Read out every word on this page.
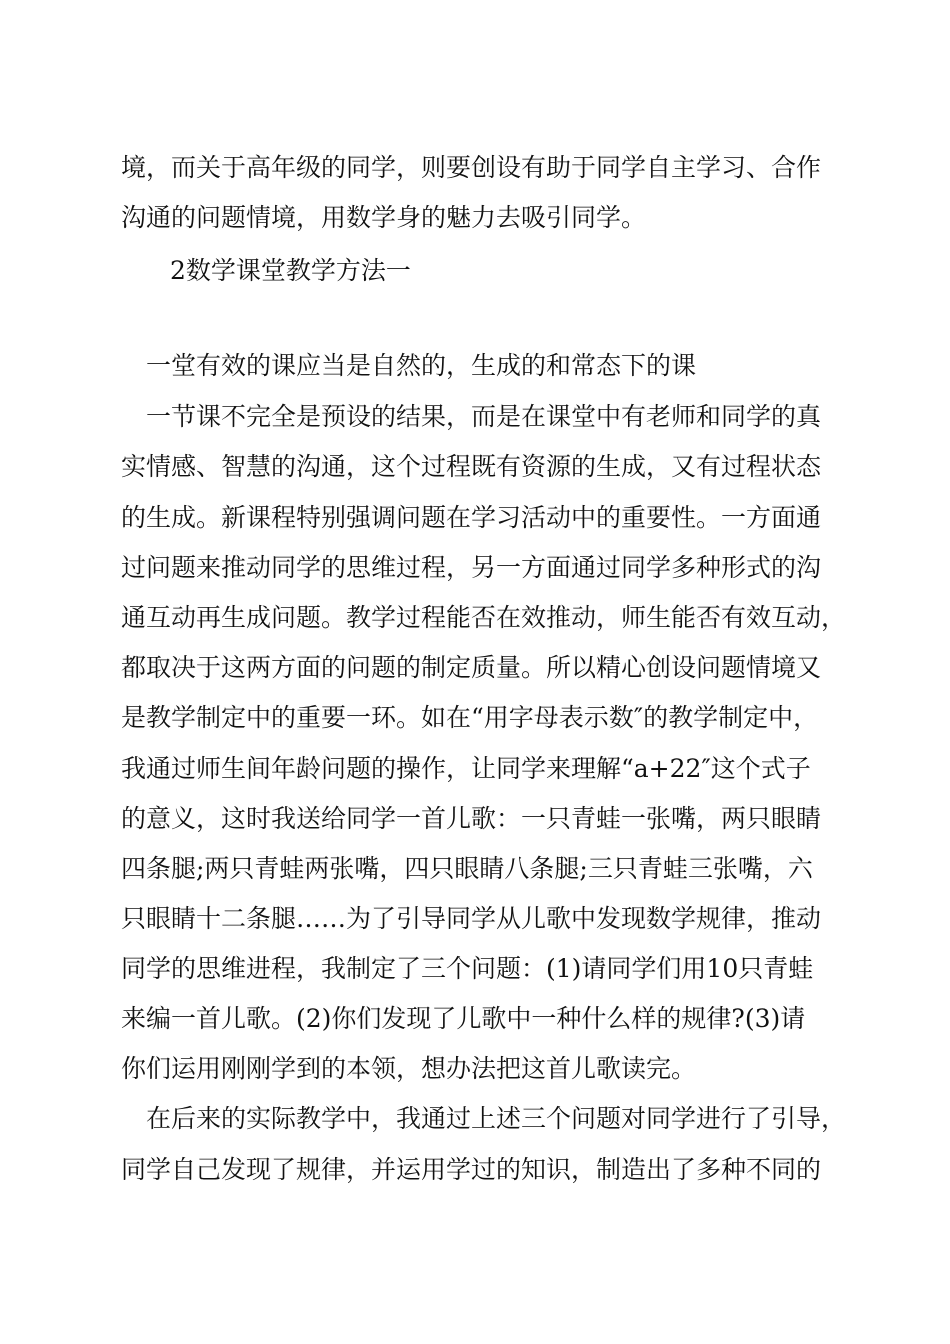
境，而关于高年级的同学，则要创设有助于同学自主学习、合作
沟通的问题情境，用数学身的魅力去吸引同学。
2数学课堂教学方法一
一堂有效的课应当是自然的，生成的和常态下的课
一节课不完全是预设的结果，而是在课堂中有老师和同学的真
实情感、智慧的沟通，这个过程既有资源的生成，又有过程状态
的生成。新课程特别强调问题在学习活动中的重要性。一方面通
过问题来推动同学的思维过程，另一方面通过同学多种形式的沟
通互动再生成问题。教学过程能否在效推动，师生能否有效互动，
都取决于这两方面的问题的制定质量。所以精心创设问题情境又
是教学制定中的重要一环。如在“用字母表示数″的教学制定中，
我通过师生间年龄问题的操作，让同学来理解“a+22″这个式子
的意义，这时我送给同学一首儿歌：一只青蛙一张嘴，两只眼睛
四条腿;两只青蛙两张嘴，四只眼睛八条腿;三只青蛙三张嘴，六
只眼睛十二条腿……为了引导同学从儿歌中发现数学规律，推动
同学的思维进程，我制定了三个问题：(1)请同学们用10只青蛙
来编一首儿歌。(2)你们发现了儿歌中一种什么样的规律?(3)请
你们运用刚刚学到的本领，想办法把这首儿歌读完。
在后来的实际教学中，我通过上述三个问题对同学进行了引导，
同学自己发现了规律，并运用学过的知识，制造出了多种不同的
